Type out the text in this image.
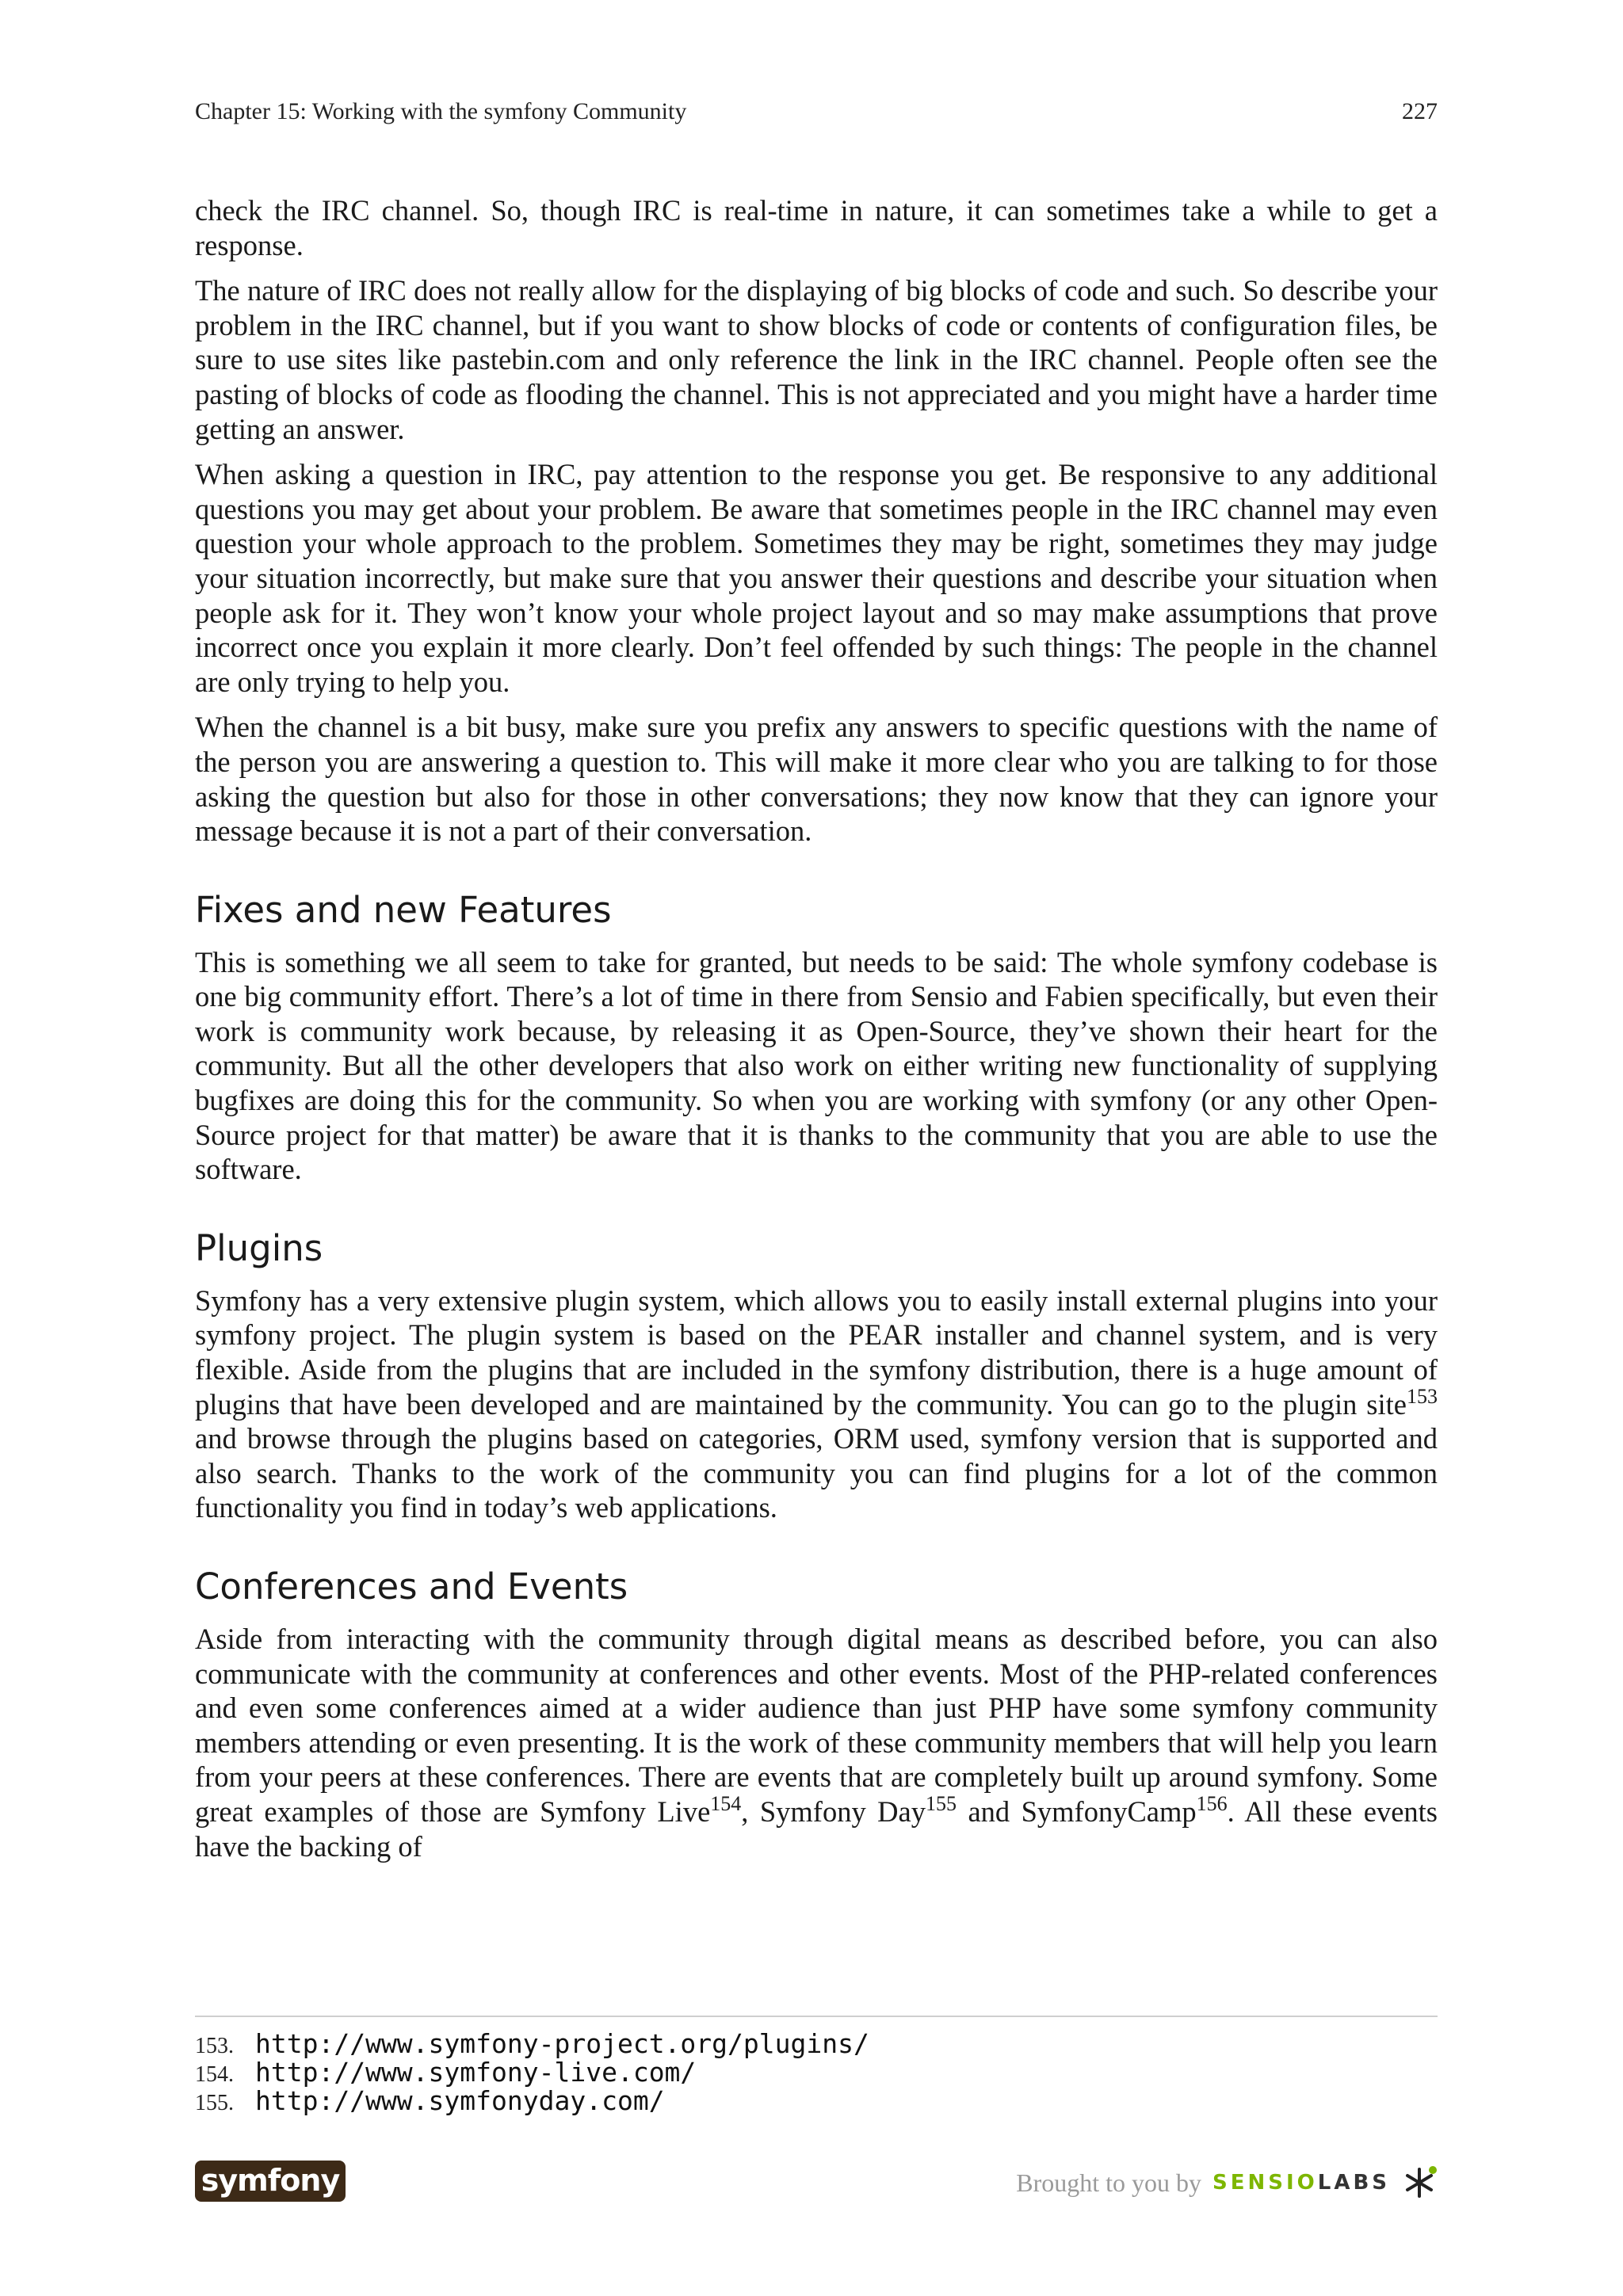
Chapter 15: Working with the symfony Community	227

check the IRC channel. So, though IRC is real-time in nature, it can sometimes take a while to get a response.

The nature of IRC does not really allow for the displaying of big blocks of code and such. So describe your problem in the IRC channel, but if you want to show blocks of code or contents of configuration files, be sure to use sites like pastebin.com and only reference the link in the IRC channel. People often see the pasting of blocks of code as flooding the channel. This is not appreciated and you might have a harder time getting an answer.

When asking a question in IRC, pay attention to the response you get. Be responsive to any additional questions you may get about your problem. Be aware that sometimes people in the IRC channel may even question your whole approach to the problem. Sometimes they may be right, sometimes they may judge your situation incorrectly, but make sure that you answer their questions and describe your situation when people ask for it. They won’t know your whole project layout and so may make assumptions that prove incorrect once you explain it more clearly. Don’t feel offended by such things: The people in the channel are only trying to help you.

When the channel is a bit busy, make sure you prefix any answers to specific questions with the name of the person you are answering a question to. This will make it more clear who you are talking to for those asking the question but also for those in other conversations; they now know that they can ignore your message because it is not a part of their conversation.

Fixes and new Features

This is something we all seem to take for granted, but needs to be said: The whole symfony codebase is one big community effort. There’s a lot of time in there from Sensio and Fabien specifically, but even their work is community work because, by releasing it as Open-Source, they’ve shown their heart for the community. But all the other developers that also work on either writing new functionality of supplying bugfixes are doing this for the community. So when you are working with symfony (or any other Open-Source project for that matter) be aware that it is thanks to the community that you are able to use the software.

Plugins

Symfony has a very extensive plugin system, which allows you to easily install external plugins into your symfony project. The plugin system is based on the PEAR installer and channel system, and is very flexible. Aside from the plugins that are included in the symfony distribution, there is a huge amount of plugins that have been developed and are maintained by the community. You can go to the plugin site$^{153}$ and browse through the plugins based on categories, ORM used, symfony version that is supported and also search. Thanks to the work of the community you can find plugins for a lot of the common functionality you find in today’s web applications.

Conferences and Events

Aside from interacting with the community through digital means as described before, you can also communicate with the community at conferences and other events. Most of the PHP-related conferences and even some conferences aimed at a wider audience than just PHP have some symfony community members attending or even presenting. It is the work of these community members that will help you learn from your peers at these conferences. There are events that are completely built up around symfony. Some great examples of those are Symfony Live$^{154}$, Symfony Day$^{155}$ and SymfonyCamp$^{156}$. All these events have the backing of

153. http://www.symfony-project.org/plugins/
154. http://www.symfony-live.com/
155. http://www.symfonyday.com/
symfony	Brought to you by SENSIOLABS
